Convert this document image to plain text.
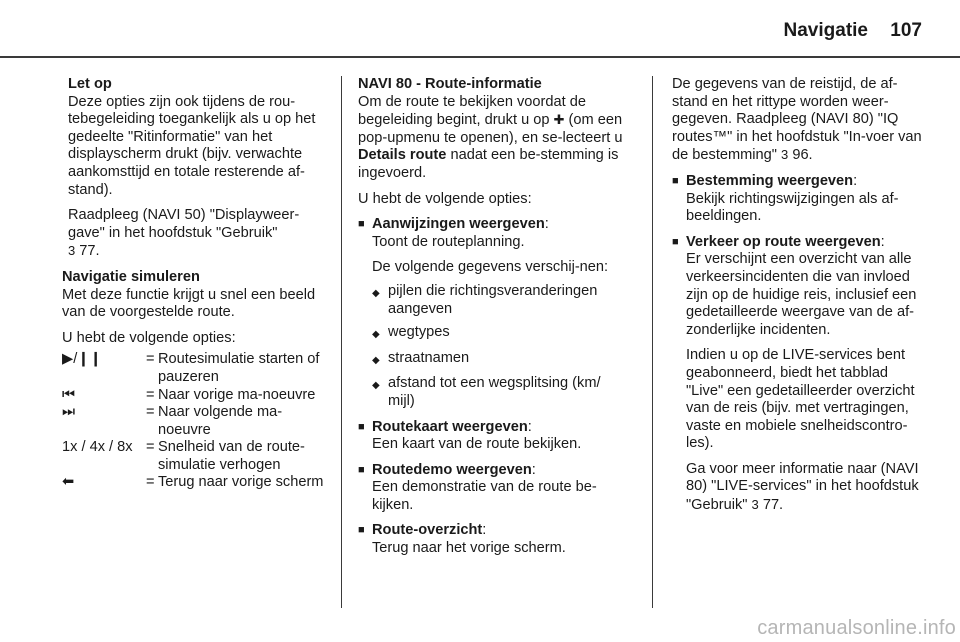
Navigatie 107

Let op

Deze opties zijn ook tijdens de rou-tebegeleiding toegankelijk als u op het gedeelte "Ritinformatie" van het displayscherm drukt (bijv. verwachte aankomsttijd en totale resterende af-stand).

Raadpleeg (NAVI 50) "Displayweer-gave" in het hoofdstuk "Gebruik"
3 77.

Navigatie simuleren

Met deze functie krijgt u snel een beeld van de voorgestelde route.

U hebt de volgende opties:

▶/❙❙	= Routesimulatie starten of pauzeren
⏮	= Naar vorige ma-noeuvre
⏭	= Naar volgende ma-noeuvre
1x / 4x / 8x = Snelheid van de route-simulatie verhogen
⬅	= Terug naar vorige scherm

NAVI 80 - Route-informatie

Om de route te bekijken voordat de begeleiding begint, drukt u op ✚ (om een pop-upmenu te openen), en se-lecteert u Details route nadat een be-stemming is ingevoerd.

U hebt de volgende opties:

■ Aanwijzingen weergeven:

Toont de routeplanning.

De volgende gegevens verschij-nen:

◆ pijlen die richtingsveranderingen aangeven
◆ wegtypes
◆ straatnamen
◆ afstand tot een wegsplitsing (km/ mijl)
■ Routekaart weergeven:

Een kaart van de route bekijken.

■ Routedemo weergeven:

Een demonstratie van de route be-kijken.

■ Route-overzicht:

Terug naar het vorige scherm.

De gegevens van de reistijd, de af-stand en het rittype worden weer-gegeven. Raadpleeg (NAVI 80) "IQ routes™" in het hoofdstuk "In-voer van de bestemming" 3 96.

■ Bestemming weergeven:

Bekijk richtingswijzigingen als af-beeldingen.

■ Verkeer op route weergeven:

Er verschijnt een overzicht van alle verkeersincidenten die van invloed zijn op de huidige reis, inclusief een gedetailleerde weergave van de af-zonderlijke incidenten.

Indien u op de LIVE-services bent geabonneerd, biedt het tabblad "Live" een gedetailleerder overzicht van de reis (bijv. met vertragingen, vaste en mobiele snelheidscontro-les).

Ga voor meer informatie naar (NAVI 80) "LIVE-services" in het hoofdstuk "Gebruik" 3 77.

carmanualsonline.info
